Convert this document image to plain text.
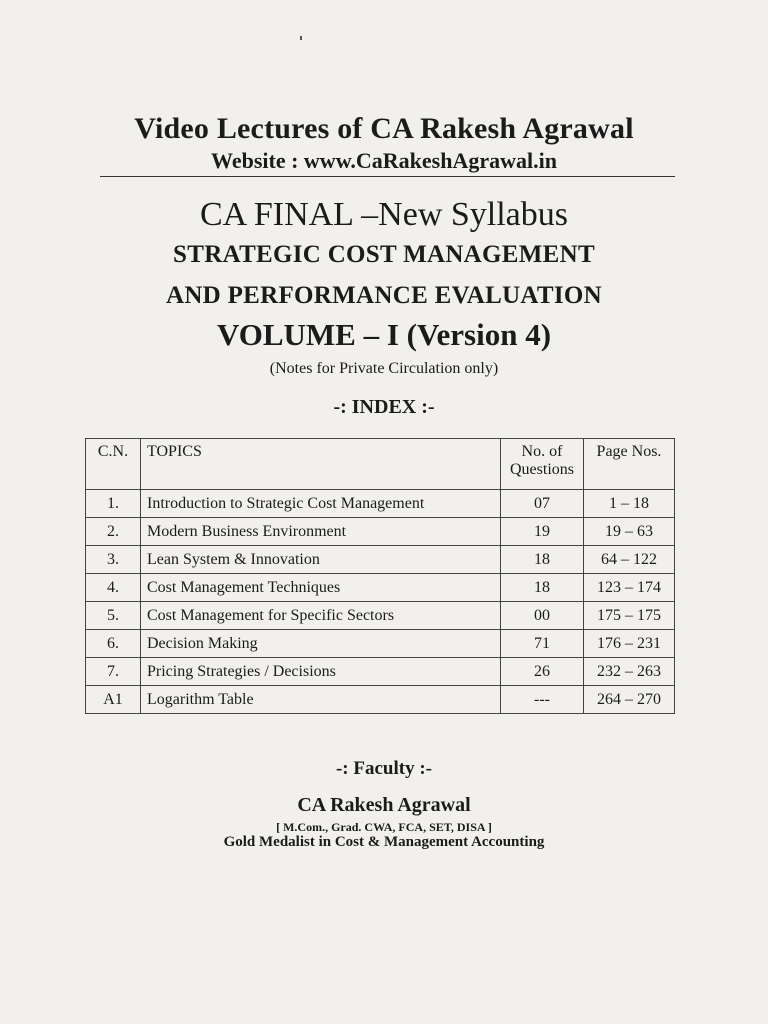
Video Lectures of CA Rakesh Agrawal
Website : www.CaRakeshAgrawal.in
CA FINAL –New Syllabus
STRATEGIC COST MANAGEMENT
AND PERFORMANCE EVALUATION
VOLUME – I (Version 4)
(Notes for Private Circulation only)
-: INDEX :-
C.N.	TOPICS	No. of Questions	Page Nos.
1.	Introduction to Strategic Cost Management	07	1 – 18
2.	Modern Business Environment	19	19 – 63
3.	Lean System & Innovation	18	64 – 122
4.	Cost Management Techniques	18	123 – 174
5.	Cost Management for Specific Sectors	00	175 – 175
6.	Decision Making	71	176 – 231
7.	Pricing Strategies / Decisions	26	232 – 263
A1	Logarithm Table	---	264 – 270
-: Faculty :-
CA Rakesh Agrawal
[ M.Com., Grad. CWA, FCA, SET, DISA ]
Gold Medalist in Cost & Management Accounting
